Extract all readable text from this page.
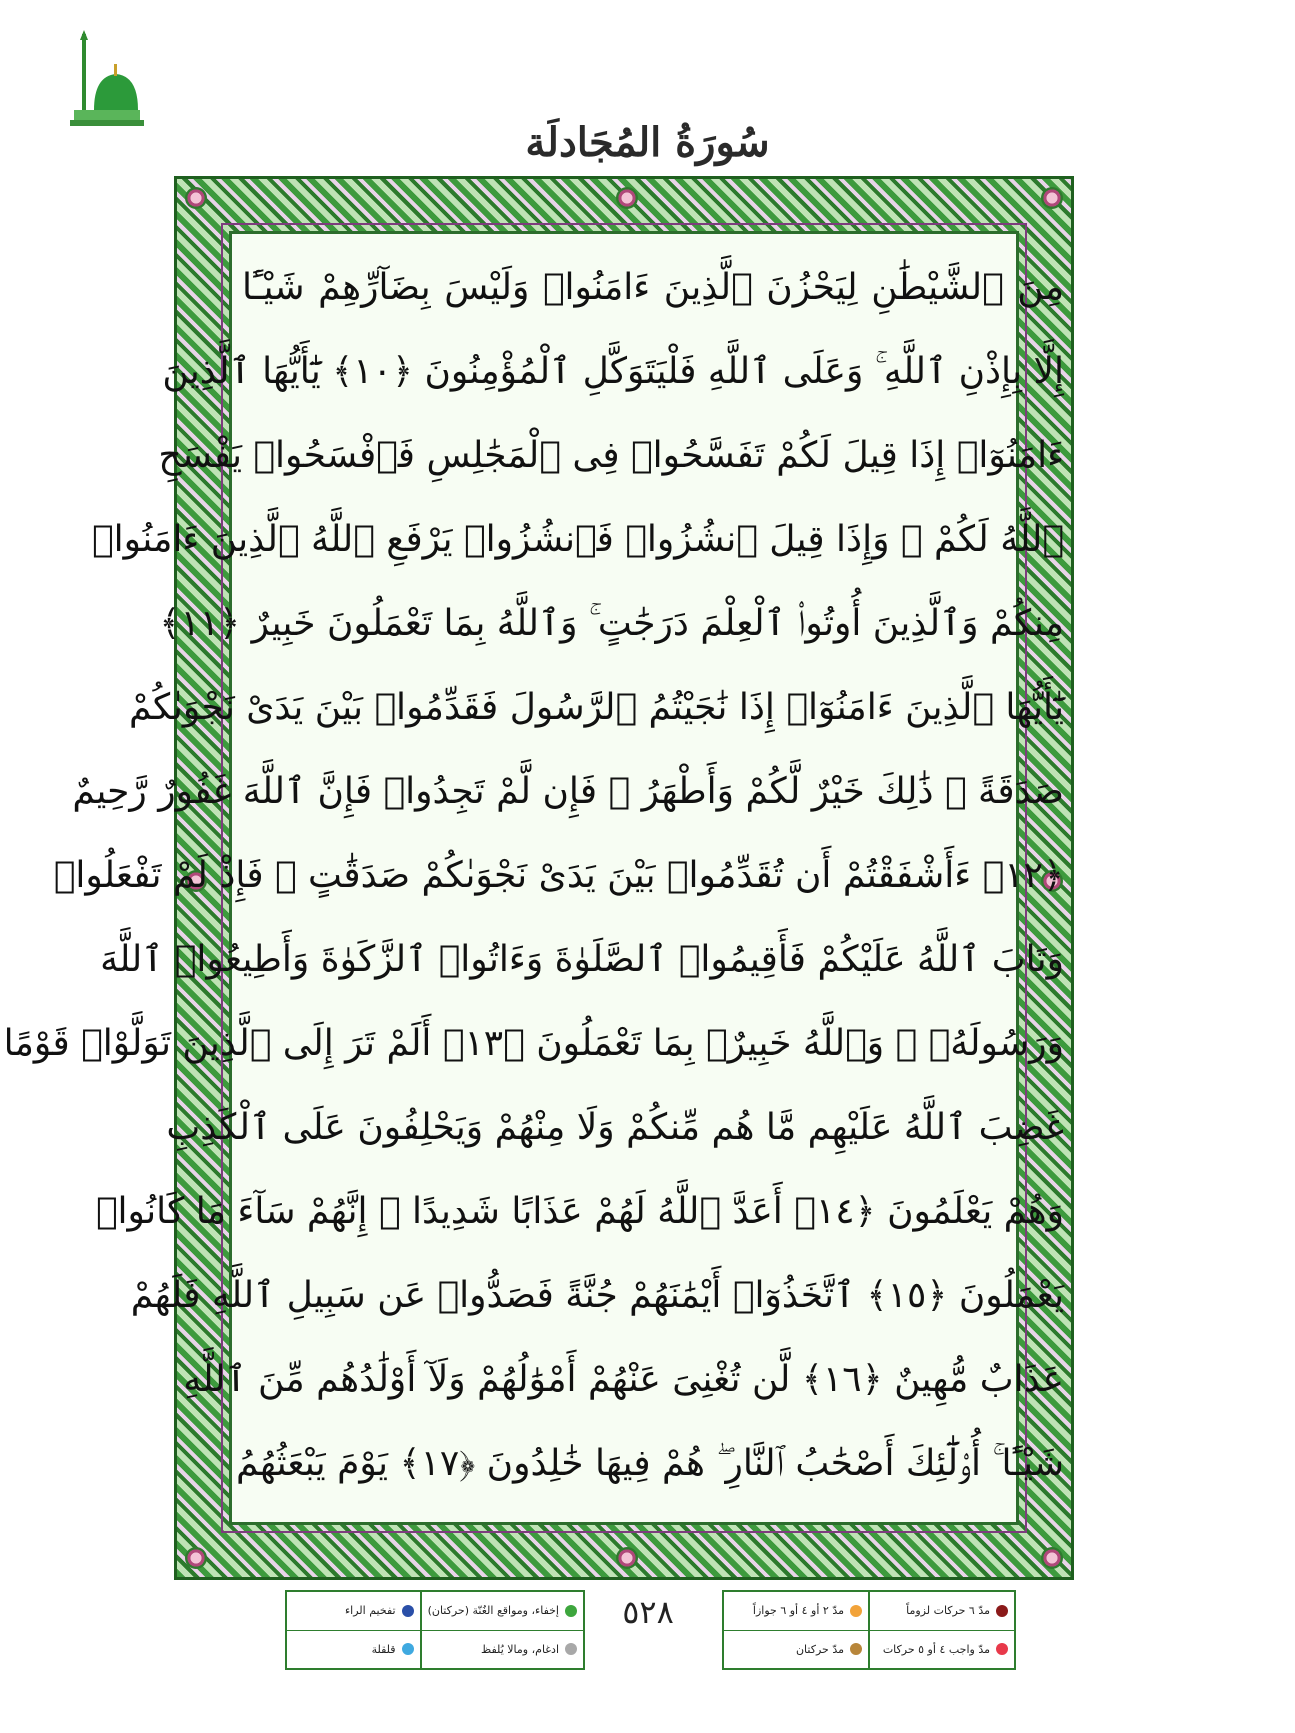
سُورَةُ المُجَادلَة
مِنَ ٱلشَّيْطَٰنِ لِيَحْزُنَ ٱلَّذِينَ ءَامَنُوا۟ وَلَيْسَ بِضَآرِّهِمْ شَيْـًٔا
إِلَّا بِإِذْنِ ٱللَّهِ ۚ وَعَلَى ٱللَّهِ فَلْيَتَوَكَّلِ ٱلْمُؤْمِنُونَ ﴿١٠﴾ يَٰٓأَيُّهَا ٱلَّذِينَ
ءَامَنُوٓا۟ إِذَا قِيلَ لَكُمْ تَفَسَّحُوا۟ فِى ٱلْمَجَٰلِسِ فَٱفْسَحُوا۟ يَفْسَحِ
ٱللَّهُ لَكُمْ ۖ وَإِذَا قِيلَ ٱنشُزُوا۟ فَٱنشُزُوا۟ يَرْفَعِ ٱللَّهُ ٱلَّذِينَ ءَامَنُوا۟
مِنكُمْ وَٱلَّذِينَ أُوتُوا۟ ٱلْعِلْمَ دَرَجَٰتٍ ۚ وَٱللَّهُ بِمَا تَعْمَلُونَ خَبِيرٌ ﴿١١﴾
يَٰٓأَيُّهَا ٱلَّذِينَ ءَامَنُوٓا۟ إِذَا نَٰجَيْتُمُ ٱلرَّسُولَ فَقَدِّمُوا۟ بَيْنَ يَدَىْ نَجْوَىٰكُمْ
صَدَقَةً ۚ ذَٰلِكَ خَيْرٌ لَّكُمْ وَأَطْهَرُ ۚ فَإِن لَّمْ تَجِدُوا۟ فَإِنَّ ٱللَّهَ غَفُورٌ رَّحِيمٌ
﴿١٢﴾ ءَأَشْفَقْتُمْ أَن تُقَدِّمُوا۟ بَيْنَ يَدَىْ نَجْوَىٰكُمْ صَدَقَٰتٍ ۚ فَإِذْ لَمْ تَفْعَلُوا۟
وَتَابَ ٱللَّهُ عَلَيْكُمْ فَأَقِيمُوا۟ ٱلصَّلَوٰةَ وَءَاتُوا۟ ٱلزَّكَوٰةَ وَأَطِيعُوا۟ ٱللَّهَ
وَرَسُولَهُۥ ۚ وَٱللَّهُ خَبِيرٌۢ بِمَا تَعْمَلُونَ ﴿١٣﴾ أَلَمْ تَرَ إِلَى ٱلَّذِينَ تَوَلَّوْا۟ قَوْمًا
غَضِبَ ٱللَّهُ عَلَيْهِم مَّا هُم مِّنكُمْ وَلَا مِنْهُمْ وَيَحْلِفُونَ عَلَى ٱلْكَذِبِ
وَهُمْ يَعْلَمُونَ ﴿١٤﴾ أَعَدَّ ٱللَّهُ لَهُمْ عَذَابًا شَدِيدًا ۖ إِنَّهُمْ سَآءَ مَا كَانُوا۟
يَعْمَلُونَ ﴿١٥﴾ ٱتَّخَذُوٓا۟ أَيْمَٰنَهُمْ جُنَّةً فَصَدُّوا۟ عَن سَبِيلِ ٱللَّهِ فَلَهُمْ
عَذَابٌ مُّهِينٌ ﴿١٦﴾ لَّن تُغْنِىَ عَنْهُمْ أَمْوَٰلُهُمْ وَلَآ أَوْلَٰدُهُم مِّنَ ٱللَّهِ
شَيْـًٔا ۚ أُو۟لَٰٓئِكَ أَصْحَٰبُ ٱلنَّارِ ۖ هُمْ فِيهَا خَٰلِدُونَ ﴿١٧﴾ يَوْمَ يَبْعَثُهُمُ
إخفاء، ومواقع الغُنّة (حركتان)
ادغام، ومالا يُلفظ
تفخيم الراء
قلقلة
٥٢٨	مدّ ٦ حركات لزوماً
مدّ واجب ٤ أو ٥ حركات
مدّ ٢ أو ٤ أو ٦ جوازاً
مدّ حركتان
